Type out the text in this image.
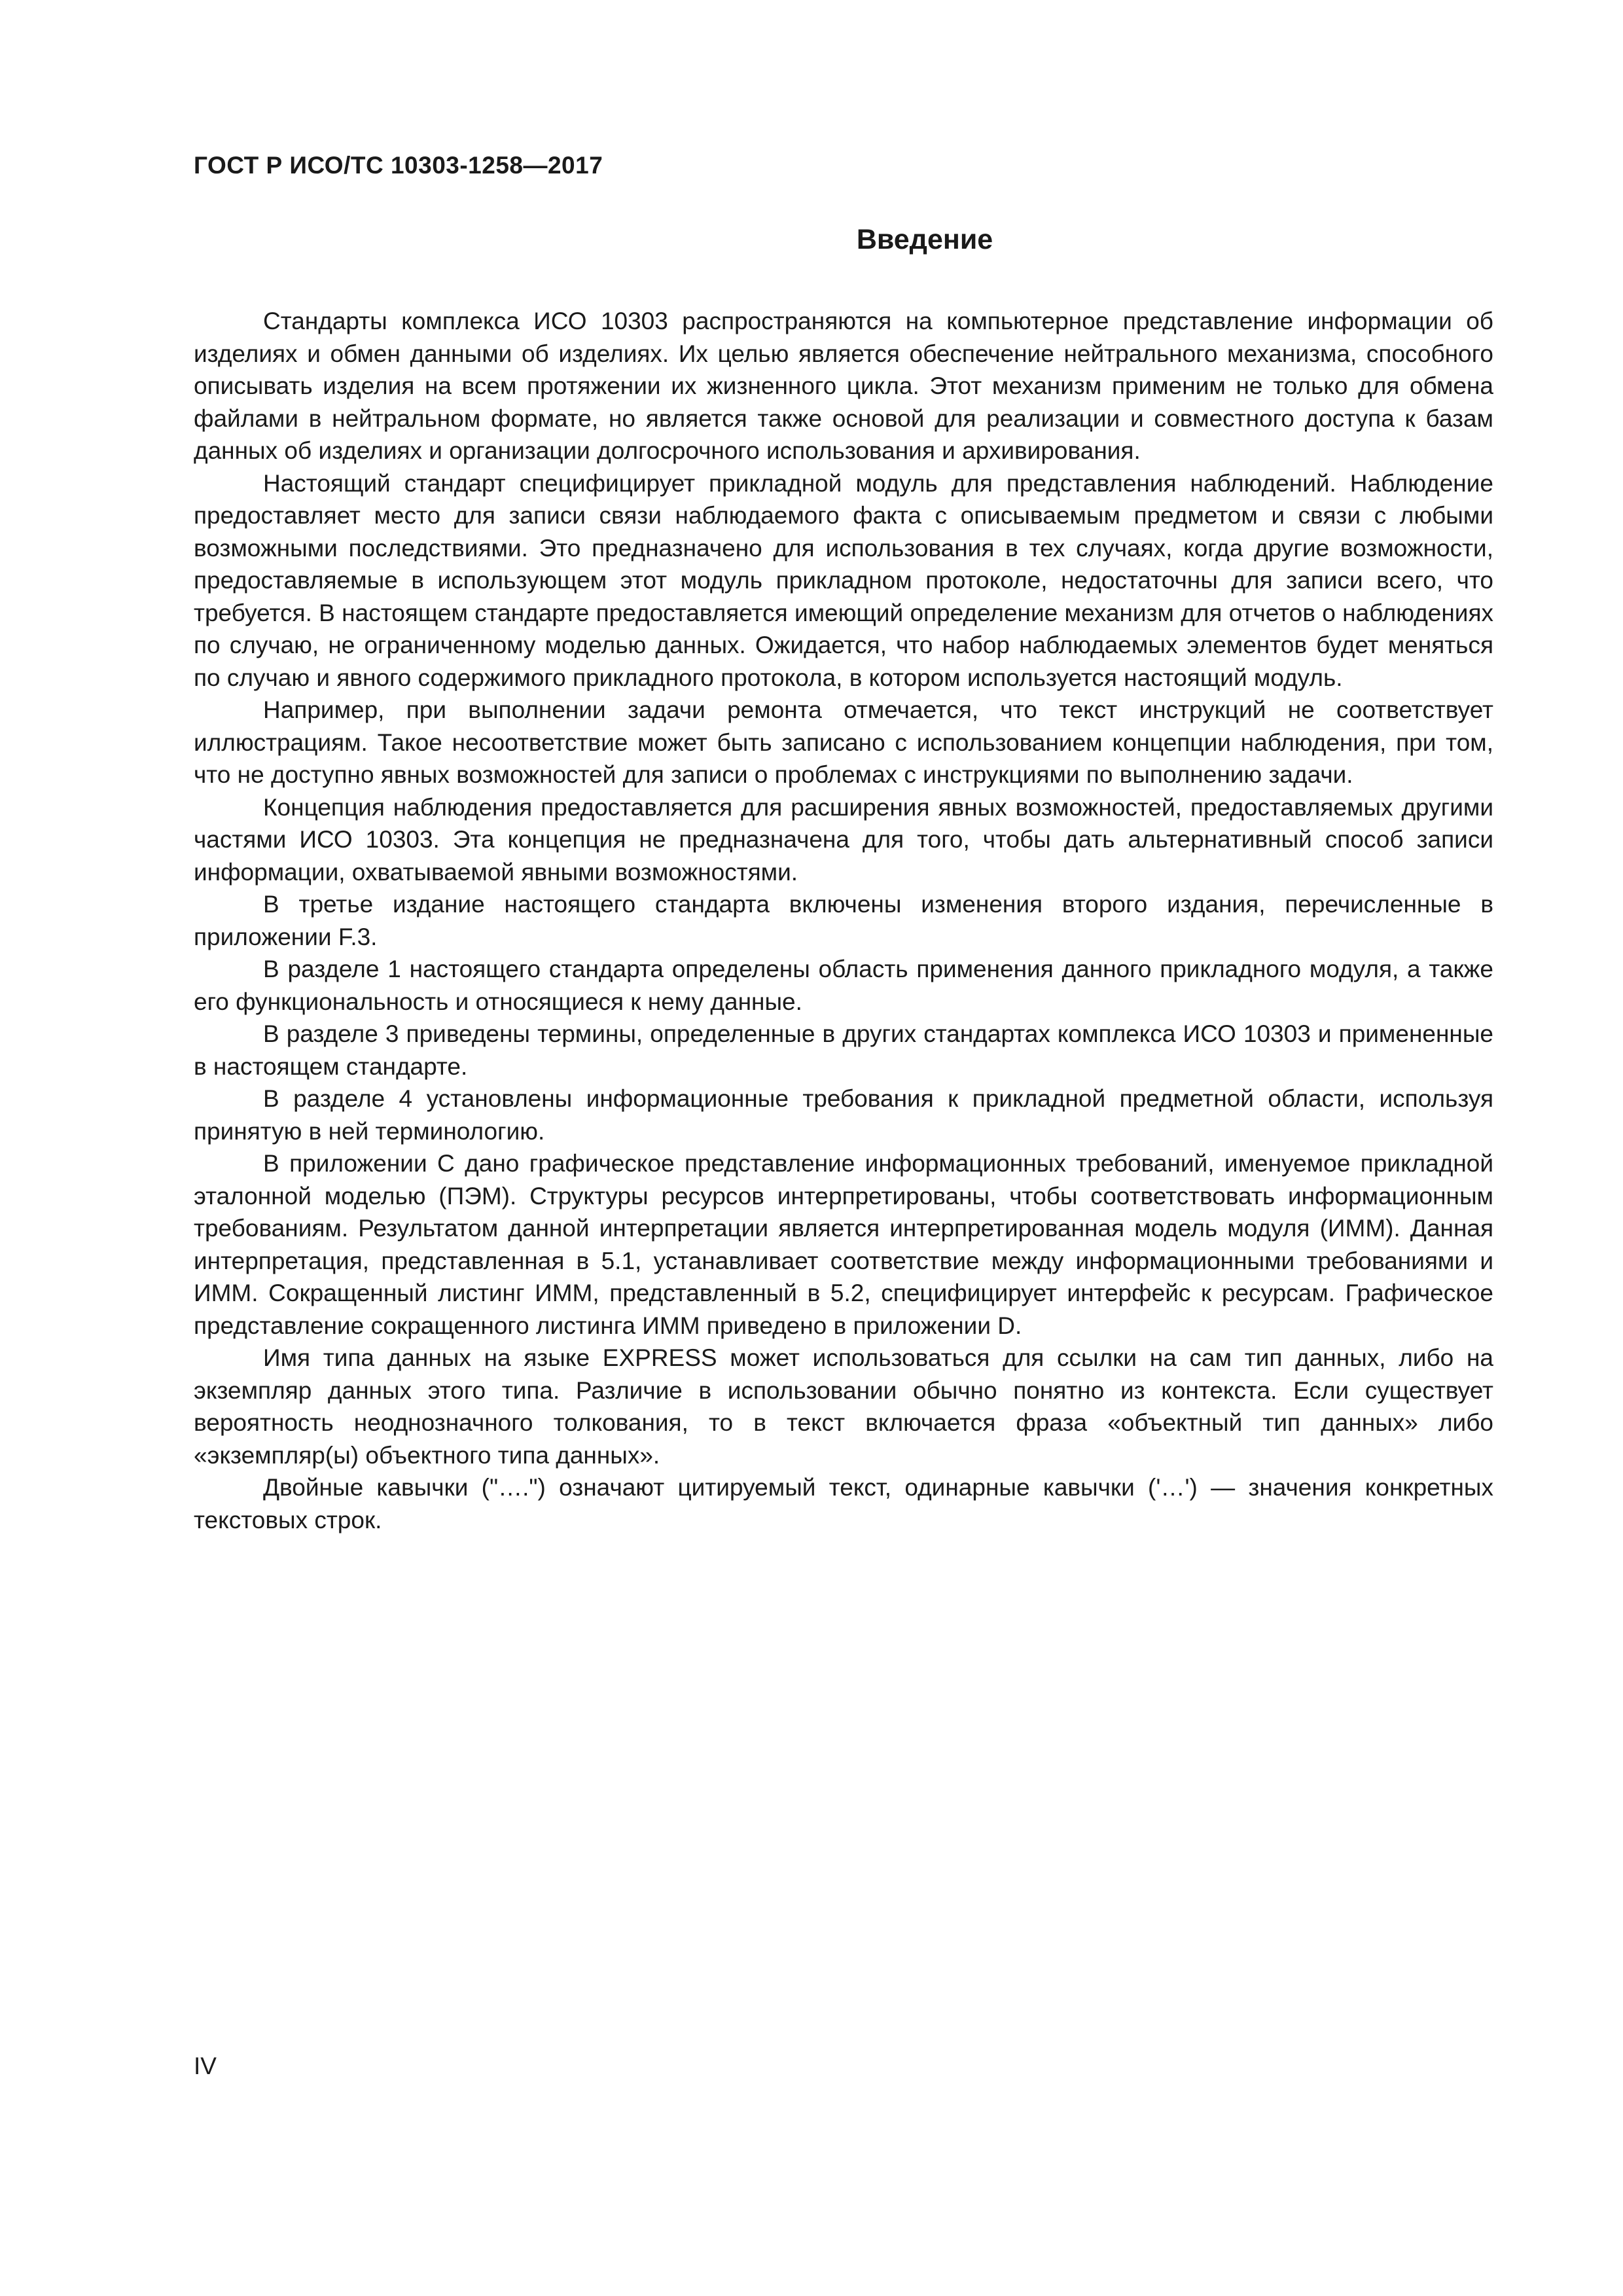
ГОСТ Р ИСО/ТС 10303-1258—2017
Введение

Стандарты комплекса ИСО 10303 распространяются на компьютерное представление информации об изделиях и обмен данными об изделиях. Их целью является обеспечение нейтрального механизма, способного описывать изделия на всем протяжении их жизненного цикла. Этот механизм применим не только для обмена файлами в нейтральном формате, но является также основой для реализации и совместного доступа к базам данных об изделиях и организации долгосрочного использования и архивирования.

Настоящий стандарт специфицирует прикладной модуль для представления наблюдений. Наблюдение предоставляет место для записи связи наблюдаемого факта с описываемым предметом и связи с любыми возможными последствиями. Это предназначено для использования в тех случаях, когда другие возможности, предоставляемые в использующем этот модуль прикладном протоколе, недостаточны для записи всего, что требуется. В настоящем стандарте предоставляется имеющий определение механизм для отчетов о наблюдениях по случаю, не ограниченному моделью данных. Ожидается, что набор наблюдаемых элементов будет меняться по случаю и явного содержимого прикладного протокола, в котором используется настоящий модуль.

Например, при выполнении задачи ремонта отмечается, что текст инструкций не соответствует иллюстрациям. Такое несоответствие может быть записано с использованием концепции наблюдения, при том, что не доступно явных возможностей для записи о проблемах с инструкциями по выполнению задачи.

Концепция наблюдения предоставляется для расширения явных возможностей, предоставляемых другими частями ИСО 10303. Эта концепция не предназначена для того, чтобы дать альтернативный способ записи информации, охватываемой явными возможностями.

В третье издание настоящего стандарта включены изменения второго издания, перечисленные в приложении F.3.

В разделе 1 настоящего стандарта определены область применения данного прикладного модуля, а также его функциональность и относящиеся к нему данные.

В разделе 3 приведены термины, определенные в других стандартах комплекса ИСО 10303 и примененные в настоящем стандарте.

В разделе 4 установлены информационные требования к прикладной предметной области, используя принятую в ней терминологию.

В приложении С дано графическое представление информационных требований, именуемое прикладной эталонной моделью (ПЭМ). Структуры ресурсов интерпретированы, чтобы соответствовать информационным требованиям. Результатом данной интерпретации является интерпретированная модель модуля (ИММ). Данная интерпретация, представленная в 5.1, устанавливает соответствие между информационными требованиями и ИММ. Сокращенный листинг ИММ, представленный в 5.2, специфицирует интерфейс к ресурсам. Графическое представление сокращенного листинга ИММ приведено в приложении D.

Имя типа данных на языке EXPRESS может использоваться для ссылки на сам тип данных, либо на экземпляр данных этого типа. Различие в использовании обычно понятно из контекста. Если существует вероятность неоднозначного толкования, то в текст включается фраза «объектный тип данных» либо «экземпляр(ы) объектного типа данных».

Двойные кавычки ("….") означают цитируемый текст, одинарные кавычки ('…') — значения конкретных текстовых строк.

IV
